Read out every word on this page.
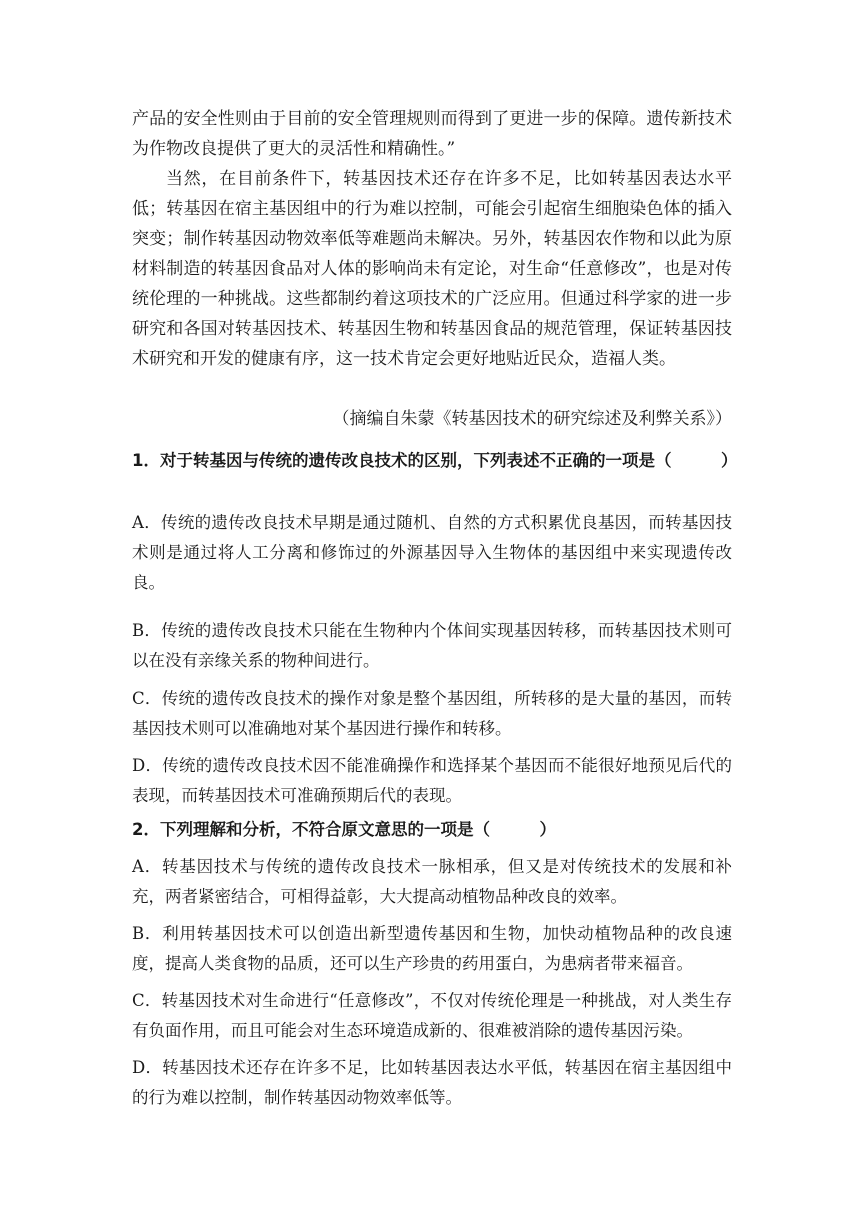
产品的安全性则由于目前的安全管理规则而得到了更进一步的保障。遗传新技术为作物改良提供了更大的灵活性和精确性。”

当然，在目前条件下，转基因技术还存在许多不足，比如转基因表达水平低；转基因在宿主基因组中的行为难以控制，可能会引起宿生细胞染色体的插入突变；制作转基因动物效率低等难题尚未解决。另外，转基因农作物和以此为原材料制造的转基因食品对人体的影响尚未有定论，对生命“任意修改”，也是对传统伦理的一种挑战。这些都制约着这项技术的广泛应用。但通过科学家的进一步研究和各国对转基因技术、转基因生物和转基因食品的规范管理，保证转基因技术研究和开发的健康有序，这一技术肯定会更好地贴近民众，造福人类。

（摘编自朱蒙《转基因技术的研究综述及利弊关系》）

1．对于转基因与传统的遗传改良技术的区别，下列表述不正确的一项是（　　　）

A．传统的遗传改良技术早期是通过随机、自然的方式积累优良基因，而转基因技术则是通过将人工分离和修饰过的外源基因导入生物体的基因组中来实现遗传改良。

B．传统的遗传改良技术只能在生物种内个体间实现基因转移，而转基因技术则可以在没有亲缘关系的物种间进行。

C．传统的遗传改良技术的操作对象是整个基因组，所转移的是大量的基因，而转基因技术则可以准确地对某个基因进行操作和转移。

D．传统的遗传改良技术因不能准确操作和选择某个基因而不能很好地预见后代的表现，而转基因技术可准确预期后代的表现。

2．下列理解和分析，不符合原文意思的一项是（　　　）

A．转基因技术与传统的遗传改良技术一脉相承，但又是对传统技术的发展和补充，两者紧密结合，可相得益彰，大大提高动植物品种改良的效率。

B．利用转基因技术可以创造出新型遗传基因和生物，加快动植物品种的改良速度，提高人类食物的品质，还可以生产珍贵的药用蛋白，为患病者带来福音。

C．转基因技术对生命进行“任意修改”，不仅对传统伦理是一种挑战，对人类生存有负面作用，而且可能会对生态环境造成新的、很难被消除的遗传基因污染。

D．转基因技术还存在许多不足，比如转基因表达水平低，转基因在宿主基因组中的行为难以控制，制作转基因动物效率低等。
